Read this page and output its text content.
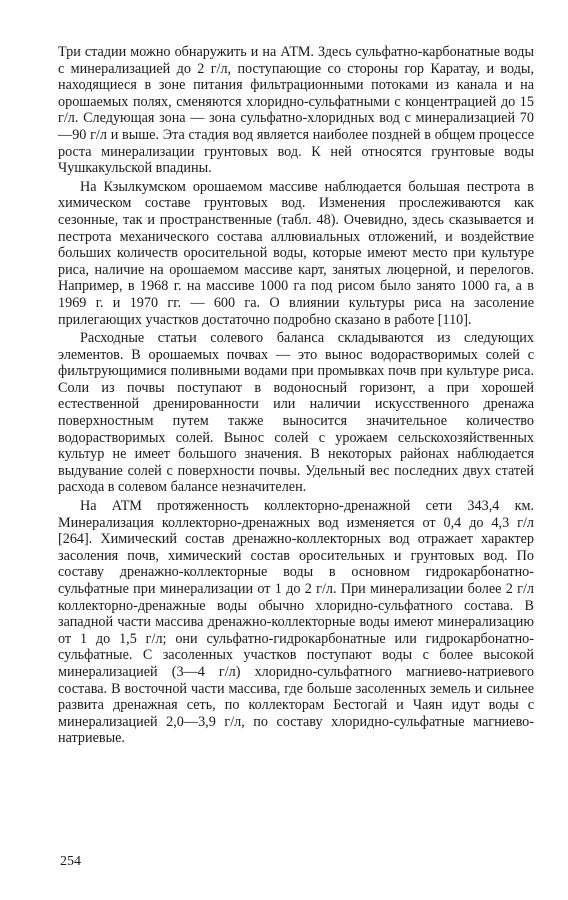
Три стадии можно обнаружить и на АТМ. Здесь сульфатно-карбонатные воды с минерализацией до 2 г/л, поступающие со стороны гор Каратау, и воды, находящиеся в зоне питания фильтрационными потоками из канала и на орошаемых полях, сменяются хлоридно-сульфатными с концентрацией до 15 г/л. Следующая зона — зона сульфатно-хлоридных вод с минерализацией 70—90 г/л и выше. Эта стадия вод является наиболее поздней в общем процессе роста минерализации грунтовых вод. К ней относятся грунтовые воды Чушкакульской впадины.

На Кзылкумском орошаемом массиве наблюдается большая пестрота в химическом составе грунтовых вод. Изменения прослеживаются как сезонные, так и пространственные (табл. 48). Очевидно, здесь сказывается и пестрота механического состава аллювиальных отложений, и воздействие больших количеств оросительной воды, которые имеют место при культуре риса, наличие на орошаемом массиве карт, занятых люцерной, и перелогов. Например, в 1968 г. на массиве 1000 га под рисом было занято 1000 га, а в 1969 г. и 1970 гг. — 600 га. О влиянии культуры риса на засоление прилегающих участков достаточно подробно сказано в работе [110].

Расходные статьи солевого баланса складываются из следующих элементов. В орошаемых почвах — это вынос водорастворимых солей с фильтрующимися поливными водами при промывках почв при культуре риса. Соли из почвы поступают в водоносный горизонт, а при хорошей естественной дренированности или наличии искусственного дренажа поверхностным путем также выносится значительное количество водорастворимых солей. Вынос солей с урожаем сельскохозяйственных культур не имеет большого значения. В некоторых районах наблюдается выдувание солей с поверхности почвы. Удельный вес последних двух статей расхода в солевом балансе незначителен.

На АТМ протяженность коллекторно-дренажной сети 343,4 км. Минерализация коллекторно-дренажных вод изменяется от 0,4 до 4,3 г/л [264]. Химический состав дренажно-коллекторных вод отражает характер засоления почв, химический состав оросительных и грунтовых вод. По составу дренажно-коллекторные воды в основном гидрокарбонатно-сульфатные при минерализации от 1 до 2 г/л. При минерализации более 2 г/л коллекторно-дренажные воды обычно хлоридно-сульфатного состава. В западной части массива дренажно-коллекторные воды имеют минерализацию от 1 до 1,5 г/л; они сульфатно-гидрокарбонатные или гидрокарбонатно-сульфатные. С засоленных участков поступают воды с более высокой минерализацией (3—4 г/л) хлоридно-сульфатного магниево-натриевого состава. В восточной части массива, где больше засоленных земель и сильнее развита дренажная сеть, по коллекторам Бестогай и Чаян идут воды с минерализацией 2,0—3,9 г/л, по составу хлоридно-сульфатные магниево-натриевые.

254
